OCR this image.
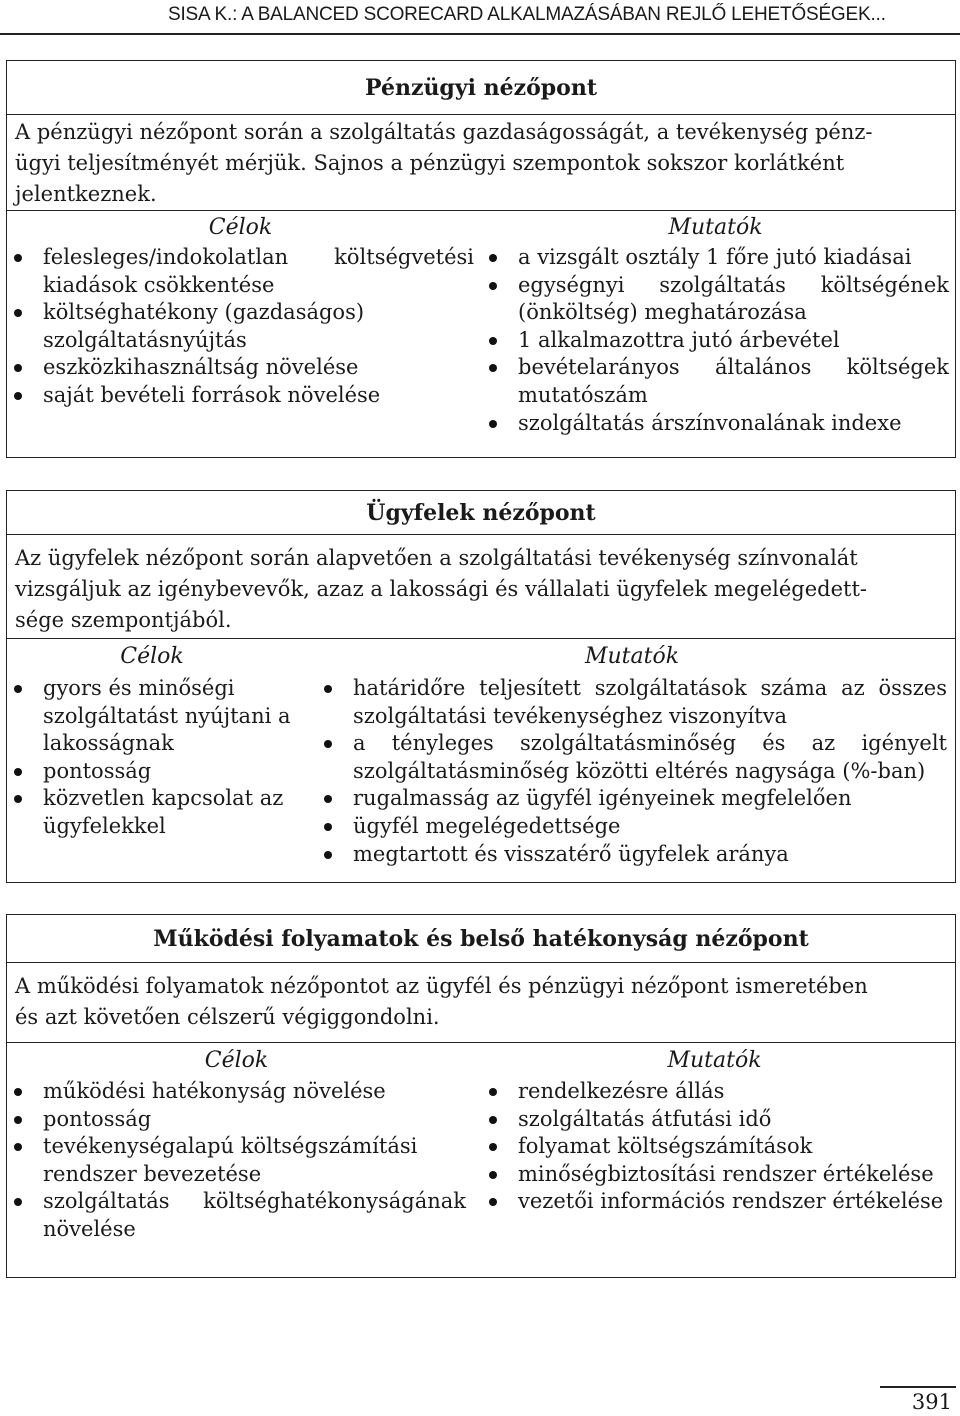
SISA K.: A BALANCED SCORECARD ALKALMAZÁSÁBAN REJLŐ LEHETŐSÉGEK...
Pénzügyi nézőpont
A pénzügyi nézőpont során a szolgáltatás gazdaságosságát, a tevékenység pénz-
ügyi teljesítményét mérjük. Sajnos a pénzügyi szempontok sokszor korlátként
jelentkeznek.
Célok
felesleges/indokolatlan költségvetési kiadások csökkentése
költséghatékony (gazdaságos) szolgáltatásnyújtás
eszközkihasználtság növelése
saját bevételi források növelése
Mutatók
a vizsgált osztály 1 főre jutó kiadásai
egységnyi szolgáltatás költségének (önköltség) meghatározása
1 alkalmazottra jutó árbevétel
bevételarányos általános költségek mutatószám
szolgáltatás árszínvonalának indexe
Ügyfelek nézőpont
Az ügyfelek nézőpont során alapvetően a szolgáltatási tevékenység színvonalát
vizsgáljuk az igénybevevők, azaz a lakossági és vállalati ügyfelek megelégedett-
sége szempontjából.
Célok
gyors és minőségi szolgáltatást nyújtani a lakosságnak
pontosság
közvetlen kapcsolat az ügyfelekkel
Mutatók
határidőre teljesített szolgáltatások száma az összes szolgáltatási tevékenységhez viszonyítva
a tényleges szolgáltatásminőség és az igényelt szolgáltatásminőség közötti eltérés nagysága (%-ban)
rugalmasság az ügyfél igényeinek megfelelően
ügyfél megelégedettsége
megtartott és visszatérő ügyfelek aránya
Működési folyamatok és belső hatékonyság nézőpont
A működési folyamatok nézőpontot az ügyfél és pénzügyi nézőpont ismeretében
és azt követően célszerű végiggondolni.
Célok
működési hatékonyság növelése
pontosság
tevékenységalapú költségszámítási rendszer bevezetése
szolgáltatás költséghatékonyságának növelése
Mutatók
rendelkezésre állás
szolgáltatás átfutási idő
folyamat költségszámítások
minőségbiztosítási rendszer értékelése
vezetői információs rendszer értékelése
391
